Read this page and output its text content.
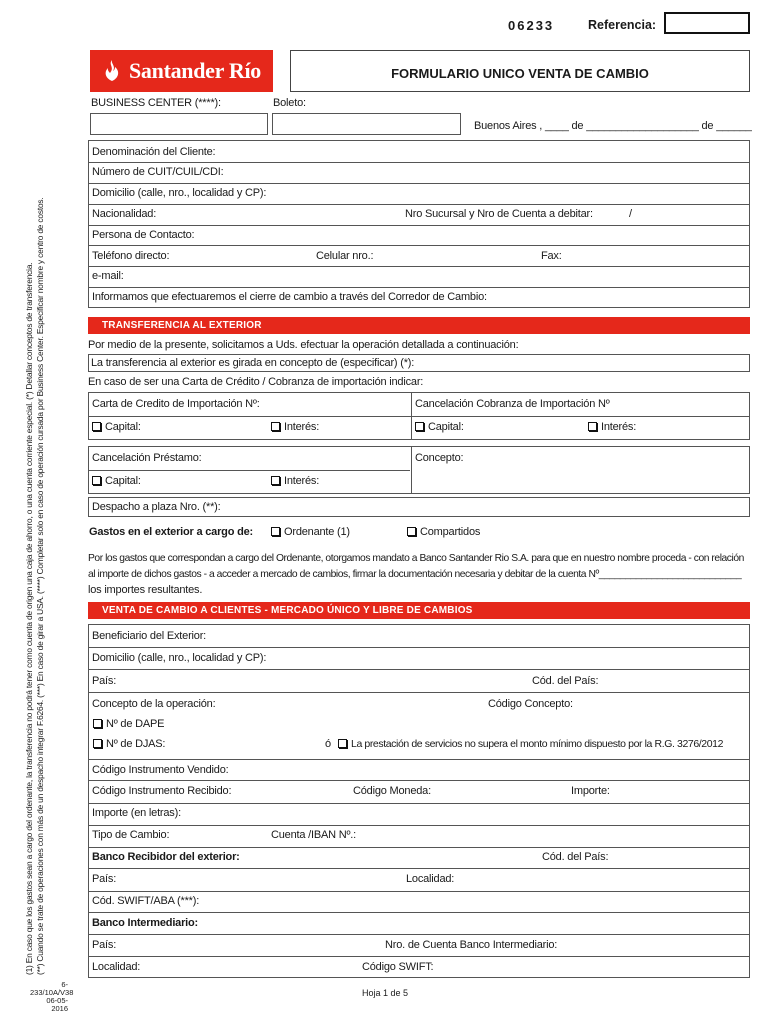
06233	Referencia:
Santander Río	FORMULARIO UNICO VENTA DE CAMBIO
BUSINESS CENTER (****):	Boleto:
Buenos Aires , ____ de ___________________ de ______
Denominación del Cliente:
Número de CUIT/CUIL/CDI:
Domicilio (calle, nro., localidad y CP):
Nacionalidad:	Nro Sucursal y Nro de Cuenta a debitar:	/
Persona de Contacto:
Teléfono directo:	Celular nro.:	Fax:
e-mail:
Informamos que efectuaremos el cierre de cambio a través del Corredor de Cambio:
TRANSFERENCIA AL EXTERIOR
Por medio de la presente, solicitamos a Uds. efectuar la operación detallada a continuación:
La transferencia al exterior es girada en concepto de (especificar) (*):
En caso de ser una Carta de Crédito / Cobranza de importación indicar:
Carta de Credito de Importación Nº:	Cancelación Cobranza de Importación Nº
Capital:	Interés:	Capital:	Interés:
Cancelación Préstamo:	Concepto:
Capital:	Interés:
Despacho a plaza Nro. (**):
Gastos en el exterior a cargo de:	Ordenante (1)	Compartidos
Por los gastos que correspondan a cargo del Ordenante, otorgamos mandato a Banco Santander Rio S.A. para que en nuestro nombre proceda - con relación
al importe de dichos gastos - a acceder a mercado de cambios, firmar la documentación necesaria y debitar de la cuenta Nº___________________________
los importes resultantes.
VENTA DE CAMBIO A CLIENTES - MERCADO ÚNICO Y LIBRE DE CAMBIOS
Beneficiario del Exterior:
Domicilio (calle, nro., localidad y CP):
País:	Cód. del País:
Concepto de la operación:	Código Concepto:
Nº de DAPE
Nº de DJAS:	ó	La prestación de servicios no supera el monto mínimo dispuesto por la R.G. 3276/2012
Código Instrumento Vendido:
Código Instrumento Recibido:	Código Moneda:	Importe:
Importe (en letras):
Tipo de Cambio:	Cuenta /IBAN Nº.:
Banco Recibidor del exterior:	Cód. del País:
País:	Localidad:
Cód. SWIFT/ABA (***):
Banco Intermediario:
País:	Nro. de Cuenta Banco Intermediario:
Localidad:	Código SWIFT:
(1) En caso que los gastos sean a cargo del ordenante, la transferencia no podrá tener como cuenta de origen una caja de ahorro, o una cuenta corriente especial. (*) Detallar conceptos de transferencia. (**) Cuando se trate de operaciones con más de un despacho integrar F.6264. (***) En caso de girar a USA. (****) Completar solo en caso de operación cursada por Business Center. Especificar nombre y centro de costos.
6-233/10A/V38
06-05-2016
Hoja 1 de 5
